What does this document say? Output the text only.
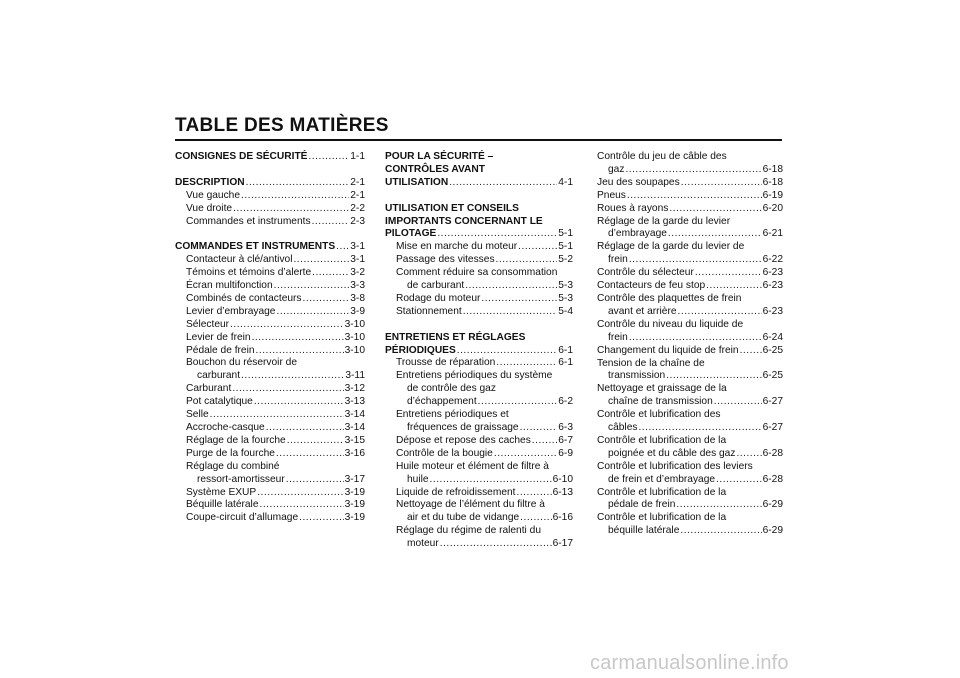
TABLE DES MATIÈRES
CONSIGNES DE SÉCURITÉ .....	1-1
DESCRIPTION .....	2-1
Vue gauche .....	2-1
Vue droite .....	2-2
Commandes et instruments .....	2-3
COMMANDES ET INSTRUMENTS ..... 3-1
Contacteur à clé/antivol .....	3-1
Témoins et témoins d’alerte .....	3-2
Écran multifonction .....	3-3
Combinés de contacteurs .....	3-8
Levier d’embrayage .....	3-9
Sélecteur .....	3-10
Levier de frein .....	3-10
Pédale de frein .....	3-10
Bouchon du réservoir de
carburant .....	3-11
Carburant .....	3-12
Pot catalytique .....	3-13
Selle .....	3-14
Accroche-casque .....	3-14
Réglage de la fourche .....	3-15
Purge de la fourche .....	3-16
Réglage du combiné
ressort-amortisseur .....	3-17
Système EXUP .....	3-19
Béquille latérale .....	3-19
Coupe-circuit d’allumage .....	3-19
POUR LA SÉCURITÉ –
CONTRÔLES AVANT
UTILISATION .....	4-1
UTILISATION ET CONSEILS
IMPORTANTS CONCERNANT LE
PILOTAGE .....	5-1
Mise en marche du moteur .....	5-1
Passage des vitesses .....	5-2
Comment réduire sa consommation
de carburant .....	5-3
Rodage du moteur .....	5-3
Stationnement .....	5-4
ENTRETIENS ET RÉGLAGES
PÉRIODIQUES .....	6-1
Trousse de réparation .....	6-1
Entretiens périodiques du système
de contrôle des gaz
d’échappement .....	6-2
Entretiens périodiques et
fréquences de graissage .....	6-3
Dépose et repose des caches .....	6-7
Contrôle de la bougie .....	6-9
Huile moteur et élément de filtre à
huile .....	6-10
Liquide de refroidissement .....	6-13
Nettoyage de l’élément du filtre à
air et du tube de vidange .....	6-16
Réglage du régime de ralenti du
moteur .....	6-17
Contrôle du jeu de câble des
gaz .....	6-18
Jeu des soupapes .....	6-18
Pneus .....	6-19
Roues à rayons .....	6-20
Réglage de la garde du levier
d’embrayage .....	6-21
Réglage de la garde du levier de
frein .....	6-22
Contrôle du sélecteur .....	6-23
Contacteurs de feu stop .....	6-23
Contrôle des plaquettes de frein
avant et arrière .....	6-23
Contrôle du niveau du liquide de
frein .....	6-24
Changement du liquide de frein ..... 6-25
Tension de la chaîne de
transmission .....	6-25
Nettoyage et graissage de la
chaîne de transmission .....	6-27
Contrôle et lubrification des
câbles .....	6-27
Contrôle et lubrification de la
poignée et du câble des gaz .....	6-28
Contrôle et lubrification des leviers
de frein et d’embrayage .....	6-28
Contrôle et lubrification de la
pédale de frein .....	6-29
Contrôle et lubrification de la
béquille latérale .....	6-29
carmanualsonline.info
